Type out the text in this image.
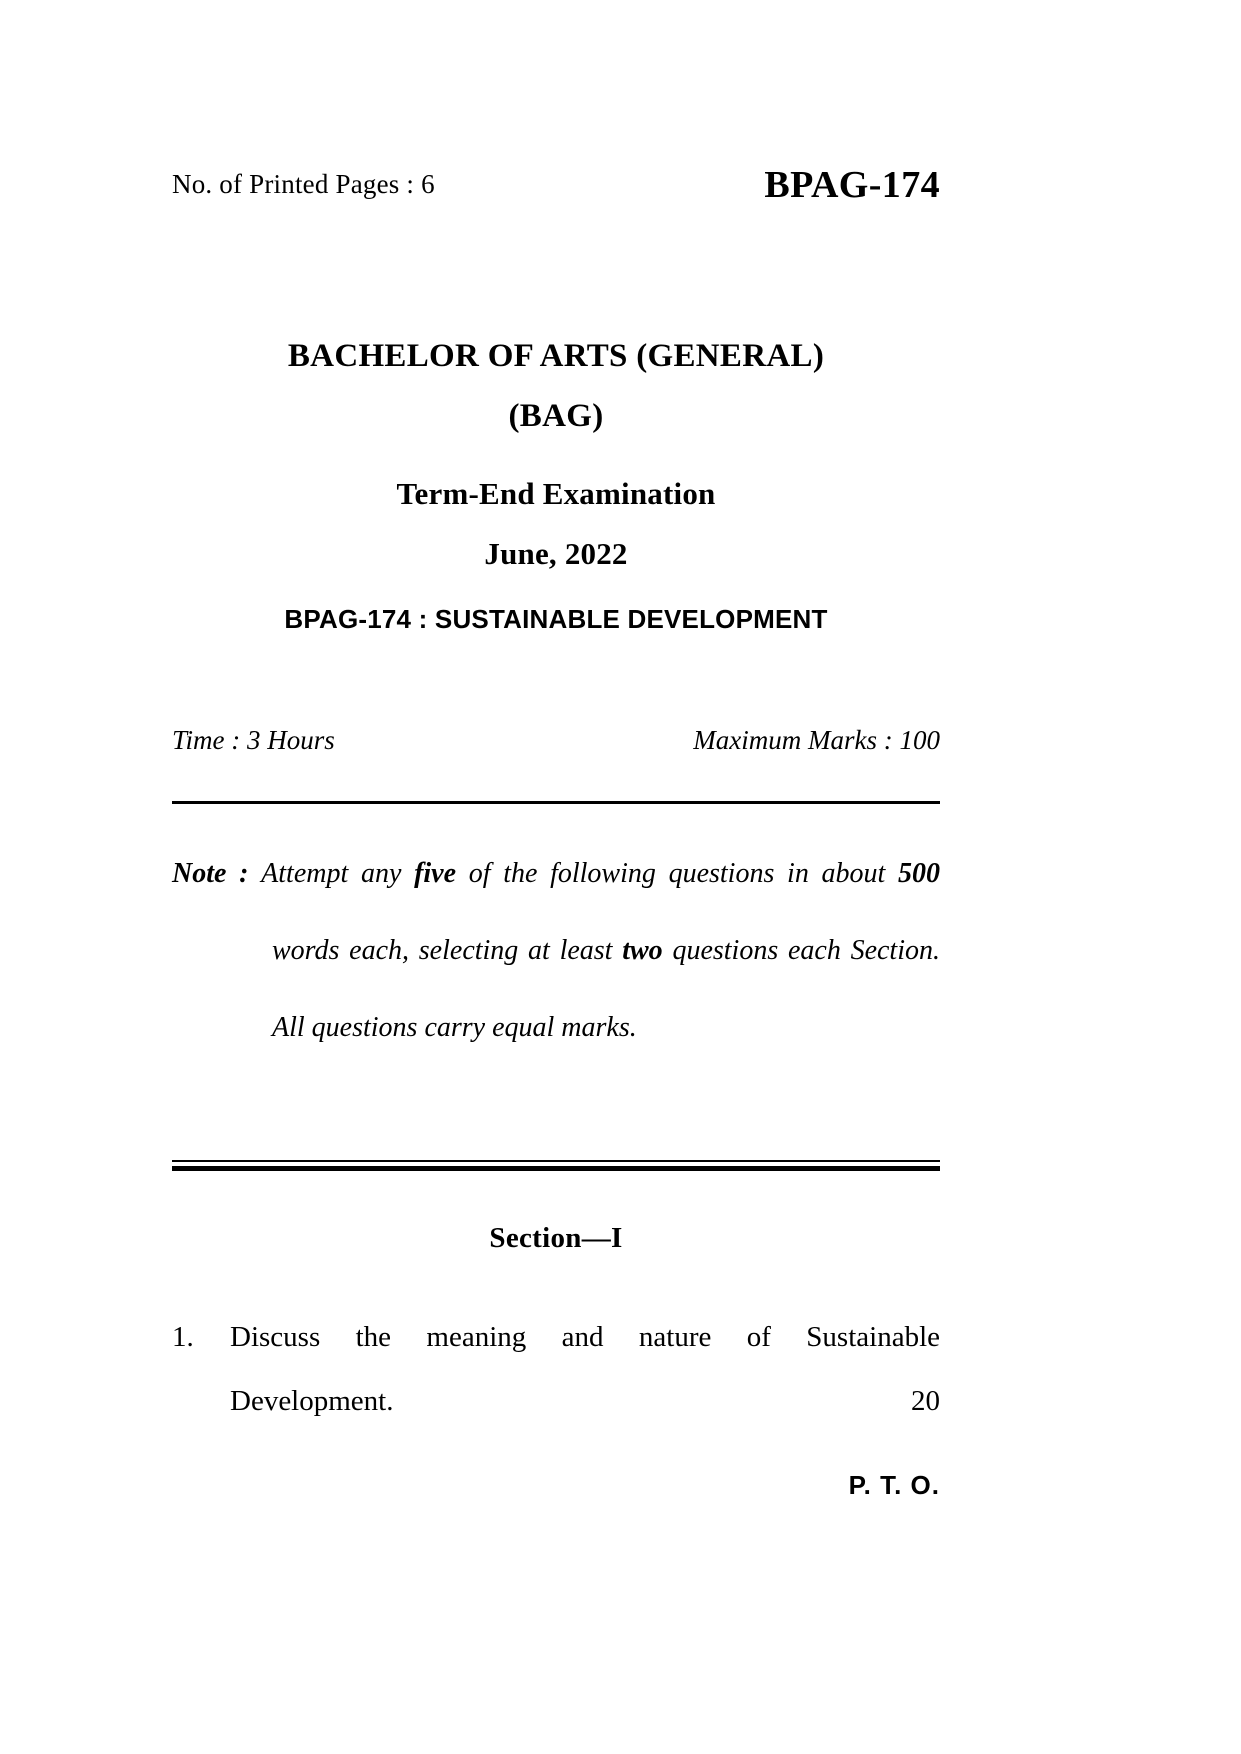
No. of Printed Pages : 6	BPAG-174
BACHELOR OF ARTS (GENERAL)
(BAG)
Term-End Examination
June, 2022
BPAG-174 : SUSTAINABLE DEVELOPMENT
Time : 3 Hours	Maximum Marks : 100
Note : Attempt any five of the following questions in about 500 words each, selecting at least two questions each Section. All questions carry equal marks.
Section—I
1.	Discuss the meaning and nature of Sustainable Development.	20
P. T. O.
